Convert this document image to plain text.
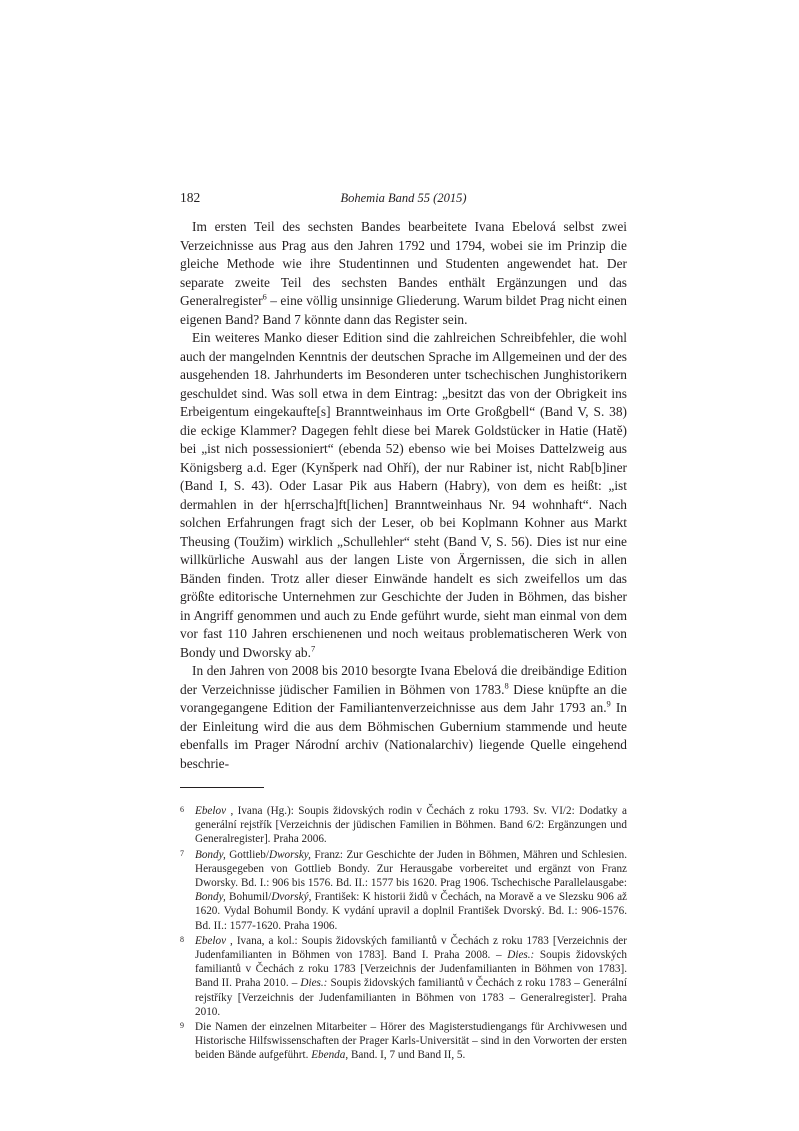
182	Bohemia Band 55 (2015)

Im ersten Teil des sechsten Bandes bearbeitete Ivana Ebelová selbst zwei Verzeichnisse aus Prag aus den Jahren 1792 und 1794, wobei sie im Prinzip die gleiche Methode wie ihre Studentinnen und Studenten angewendet hat. Der separate zweite Teil des sechsten Bandes enthält Ergänzungen und das Generalregister$^6$ – eine völlig unsinnige Gliederung. Warum bildet Prag nicht einen eigenen Band? Band 7 könnte dann das Register sein.

Ein weiteres Manko dieser Edition sind die zahlreichen Schreibfehler, die wohl auch der mangelnden Kenntnis der deutschen Sprache im Allgemeinen und der des ausgehenden 18. Jahrhunderts im Besonderen unter tschechischen Junghistorikern geschuldet sind. Was soll etwa in dem Eintrag: „besitzt das von der Obrigkeit ins Erbeigentum eingekaufte[s] Branntweinhaus im Orte Großgbell“ (Band V, S. 38) die eckige Klammer? Dagegen fehlt diese bei Marek Goldstücker in Hatie (Hatě) bei „ist nich possessioniert“ (ebenda 52) ebenso wie bei Moises Dattelzweig aus Königsberg a.d. Eger (Kynšperk nad Ohří), der nur Rabiner ist, nicht Rab[b]iner (Band I, S. 43). Oder Lasar Pik aus Habern (Habry), von dem es heißt: „ist dermahlen in der h[errscha]ft[lichen] Branntweinhaus Nr. 94 wohnhaft“. Nach solchen Erfahrungen fragt sich der Leser, ob bei Koplmann Kohner aus Markt Theusing (Toužim) wirklich „Schullehler“ steht (Band V, S. 56). Dies ist nur eine willkürliche Auswahl aus der langen Liste von Ärgernissen, die sich in allen Bänden finden. Trotz aller dieser Einwände handelt es sich zweifellos um das größte editorische Unternehmen zur Geschichte der Juden in Böhmen, das bisher in Angriff genommen und auch zu Ende geführt wurde, sieht man einmal von dem vor fast 110 Jahren erschienenen und noch weitaus problematischeren Werk von Bondy und Dworsky ab.$^7$

In den Jahren von 2008 bis 2010 besorgte Ivana Ebelová die dreibändige Edition der Verzeichnisse jüdischer Familien in Böhmen von 1783.$^8$ Diese knüpfte an die vorangegangene Edition der Familiantenverzeichnisse aus dem Jahr 1793 an.$^9$ In der Einleitung wird die aus dem Böhmischen Gubernium stammende und heute ebenfalls im Prager Národní archiv (Nationalarchiv) liegende Quelle eingehend beschrie-

6 Ebelov , Ivana (Hg.): Soupis židovských rodin v Čechách z roku 1793. Sv. VI/2: Dodatky a generální rejstřík [Verzeichnis der jüdischen Familien in Böhmen. Band 6/2: Ergänzungen und Generalregister]. Praha 2006.
7 Bondy, Gottlieb/Dworsky, Franz: Zur Geschichte der Juden in Böhmen, Mähren und Schlesien. Herausgegeben von Gottlieb Bondy. Zur Herausgabe vorbereitet und ergänzt von Franz Dworsky. Bd. I.: 906 bis 1576. Bd. II.: 1577 bis 1620. Prag 1906. Tschechische Parallelausgabe: Bondy, Bohumil/Dvorský, František: K historii židů v Čechách, na Moravě a ve Slezsku 906 až 1620. Vydal Bohumil Bondy. K vydání upravil a doplnil František Dvorský. Bd. I.: 906-1576. Bd. II.: 1577-1620. Praha 1906.
8 Ebelov , Ivana, a kol.: Soupis židovských familiantů v Čechách z roku 1783 [Verzeichnis der Judenfamilianten in Böhmen von 1783]. Band I. Praha 2008. – Dies.: Soupis židovských familiantů v Čechách z roku 1783 [Verzeichnis der Judenfamilianten in Böhmen von 1783]. Band II. Praha 2010. – Dies.: Soupis židovských familiantů v Čechách z roku 1783 – Generální rejstříky [Verzeichnis der Judenfamilianten in Böhmen von 1783 – Generalregister]. Praha 2010.
9 Die Namen der einzelnen Mitarbeiter – Hörer des Magisterstudiengangs für Archivwesen und Historische Hilfswissenschaften der Prager Karls-Universität – sind in den Vorworten der ersten beiden Bände aufgeführt. Ebenda, Band. I, 7 und Band II, 5.
